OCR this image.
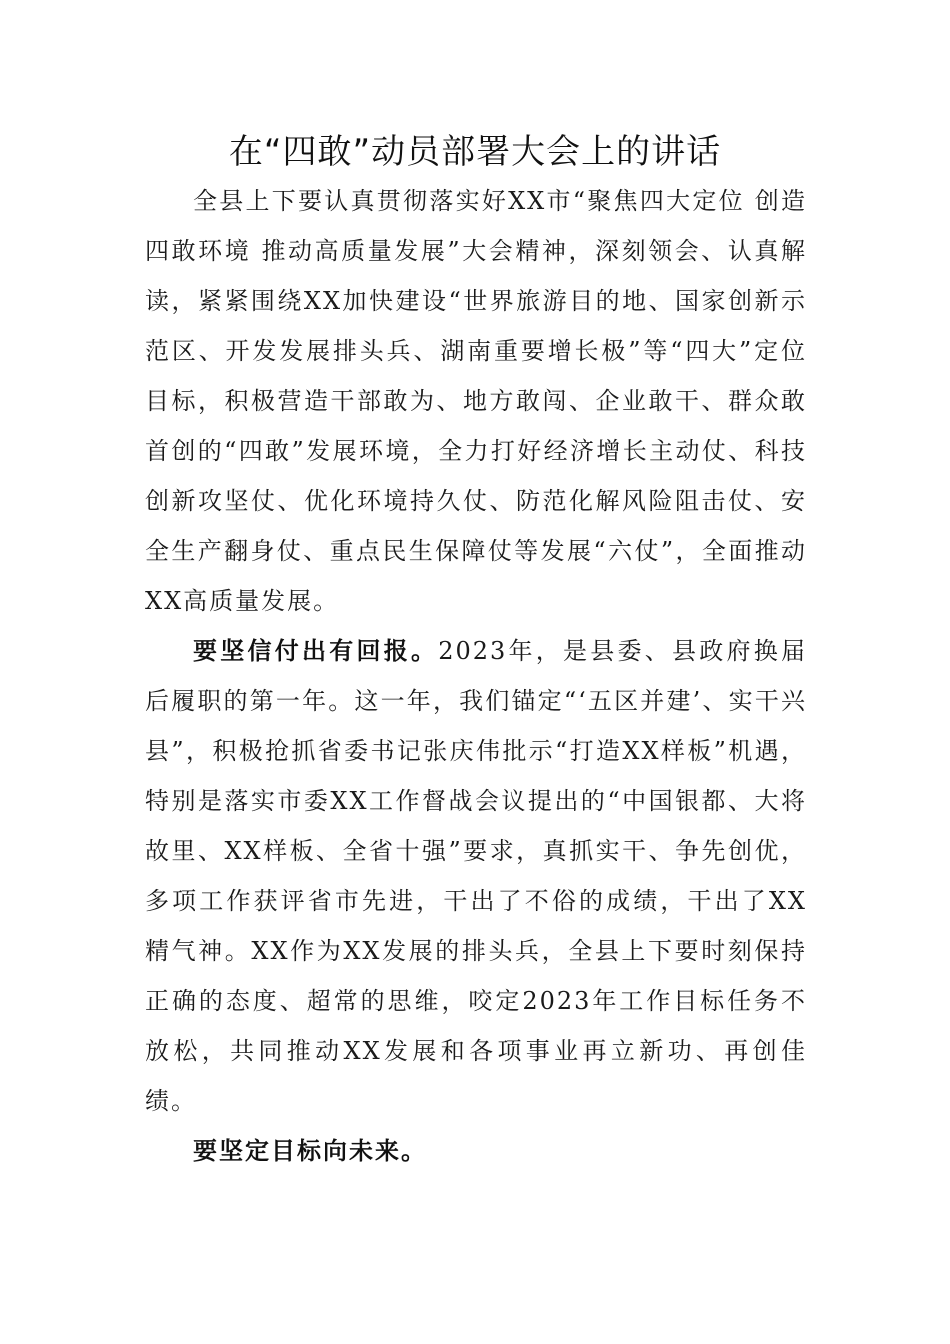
在“四敢”动员部署大会上的讲话

全县上下要认真贯彻落实好XX市“聚焦四大定位 创造四敢环境 推动高质量发展”大会精神，深刻领会、认真解读，紧紧围绕XX加快建设“世界旅游目的地、国家创新示范区、开发发展排头兵、湖南重要增长极”等“四大”定位目标，积极营造干部敢为、地方敢闯、企业敢干、群众敢首创的“四敢”发展环境，全力打好经济增长主动仗、科技创新攻坚仗、优化环境持久仗、防范化解风险阻击仗、安全生产翻身仗、重点民生保障仗等发展“六仗”，全面推动XX高质量发展。

要坚信付出有回报。2023年，是县委、县政府换届后履职的第一年。这一年，我们锚定“‘五区并建’、实干兴县”，积极抢抓省委书记张庆伟批示“打造XX样板”机遇，特别是落实市委XX工作督战会议提出的“中国银都、大将故里、XX样板、全省十强”要求，真抓实干、争先创优，多项工作获评省市先进，干出了不俗的成绩，干出了XX精气神。XX作为XX发展的排头兵，全县上下要时刻保持正确的态度、超常的思维，咬定2023年工作目标任务不放松，共同推动XX发展和各项事业再立新功、再创佳绩。

要坚定目标向未来。
